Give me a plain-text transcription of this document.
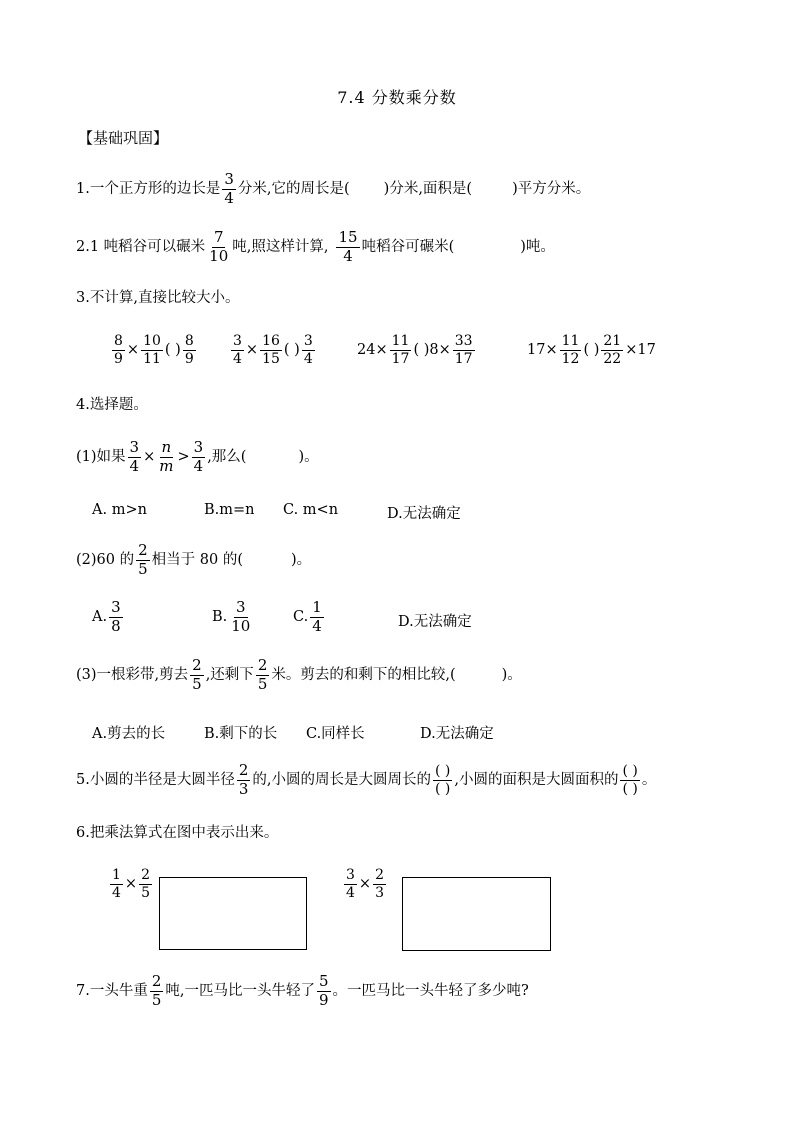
7.4 分数乘分数
【基础巩固】
1.一个正方形的边长是 $\frac{3}{4}$ 分米,它的周长是( )分米,面积是(	)平方分米。
2.1 吨稻谷可以碾米 $\frac{7}{10}$ 吨,照这样计算, $\frac{15}{4}$ 吨稻谷可碾米(	)吨。
3.不计算,直接比较大小。
$\frac{8}{9} \times \frac{10}{11}$ ( ) $\frac{8}{9}$	$\frac{3}{4} \times \frac{16}{15}$ ( ) $\frac{3}{4}$	$24 \times \frac{11}{17}$ ( ) $8 \times \frac{33}{17}$	$17 \times \frac{11}{12}$ ( ) $\frac{21}{22} \times 17$
4.选择题。
(1)如果 $\frac{3}{4} \times \frac{n}{m} > \frac{3}{4}$ ,那么(	)。
A. m>n	B.m=n C. m<n	D.无法确定
(2)60 的 $\frac{2}{5}$ 相当于 80 的(	)。
A. $\frac{3}{8}$	B. $\frac{3}{10}$	C. $\frac{1}{4}$	D.无法确定
(3)一根彩带,剪去 $\frac{2}{5}$ ,还剩下 $\frac{2}{5}$ 米。剪去的和剩下的相比较,(	)。
A.剪去的长	B.剩下的长 C.同样长	D.无法确定
5.小圆的半径是大圆半径 $\frac{2}{3}$ 的,小圆的周长是大圆周长的 $\frac{( )}{( )}$ ,小圆的面积是大圆面积的 $\frac{( )}{( )}$ 。
6.把乘法算式在图中表示出来。
$\frac{1}{4} \times \frac{2}{5}$	$\frac{3}{4} \times \frac{2}{3}$
7.一头牛重 $\frac{2}{5}$ 吨,一匹马比一头牛轻了 $\frac{5}{9}$ 。一匹马比一头牛轻了多少吨?
